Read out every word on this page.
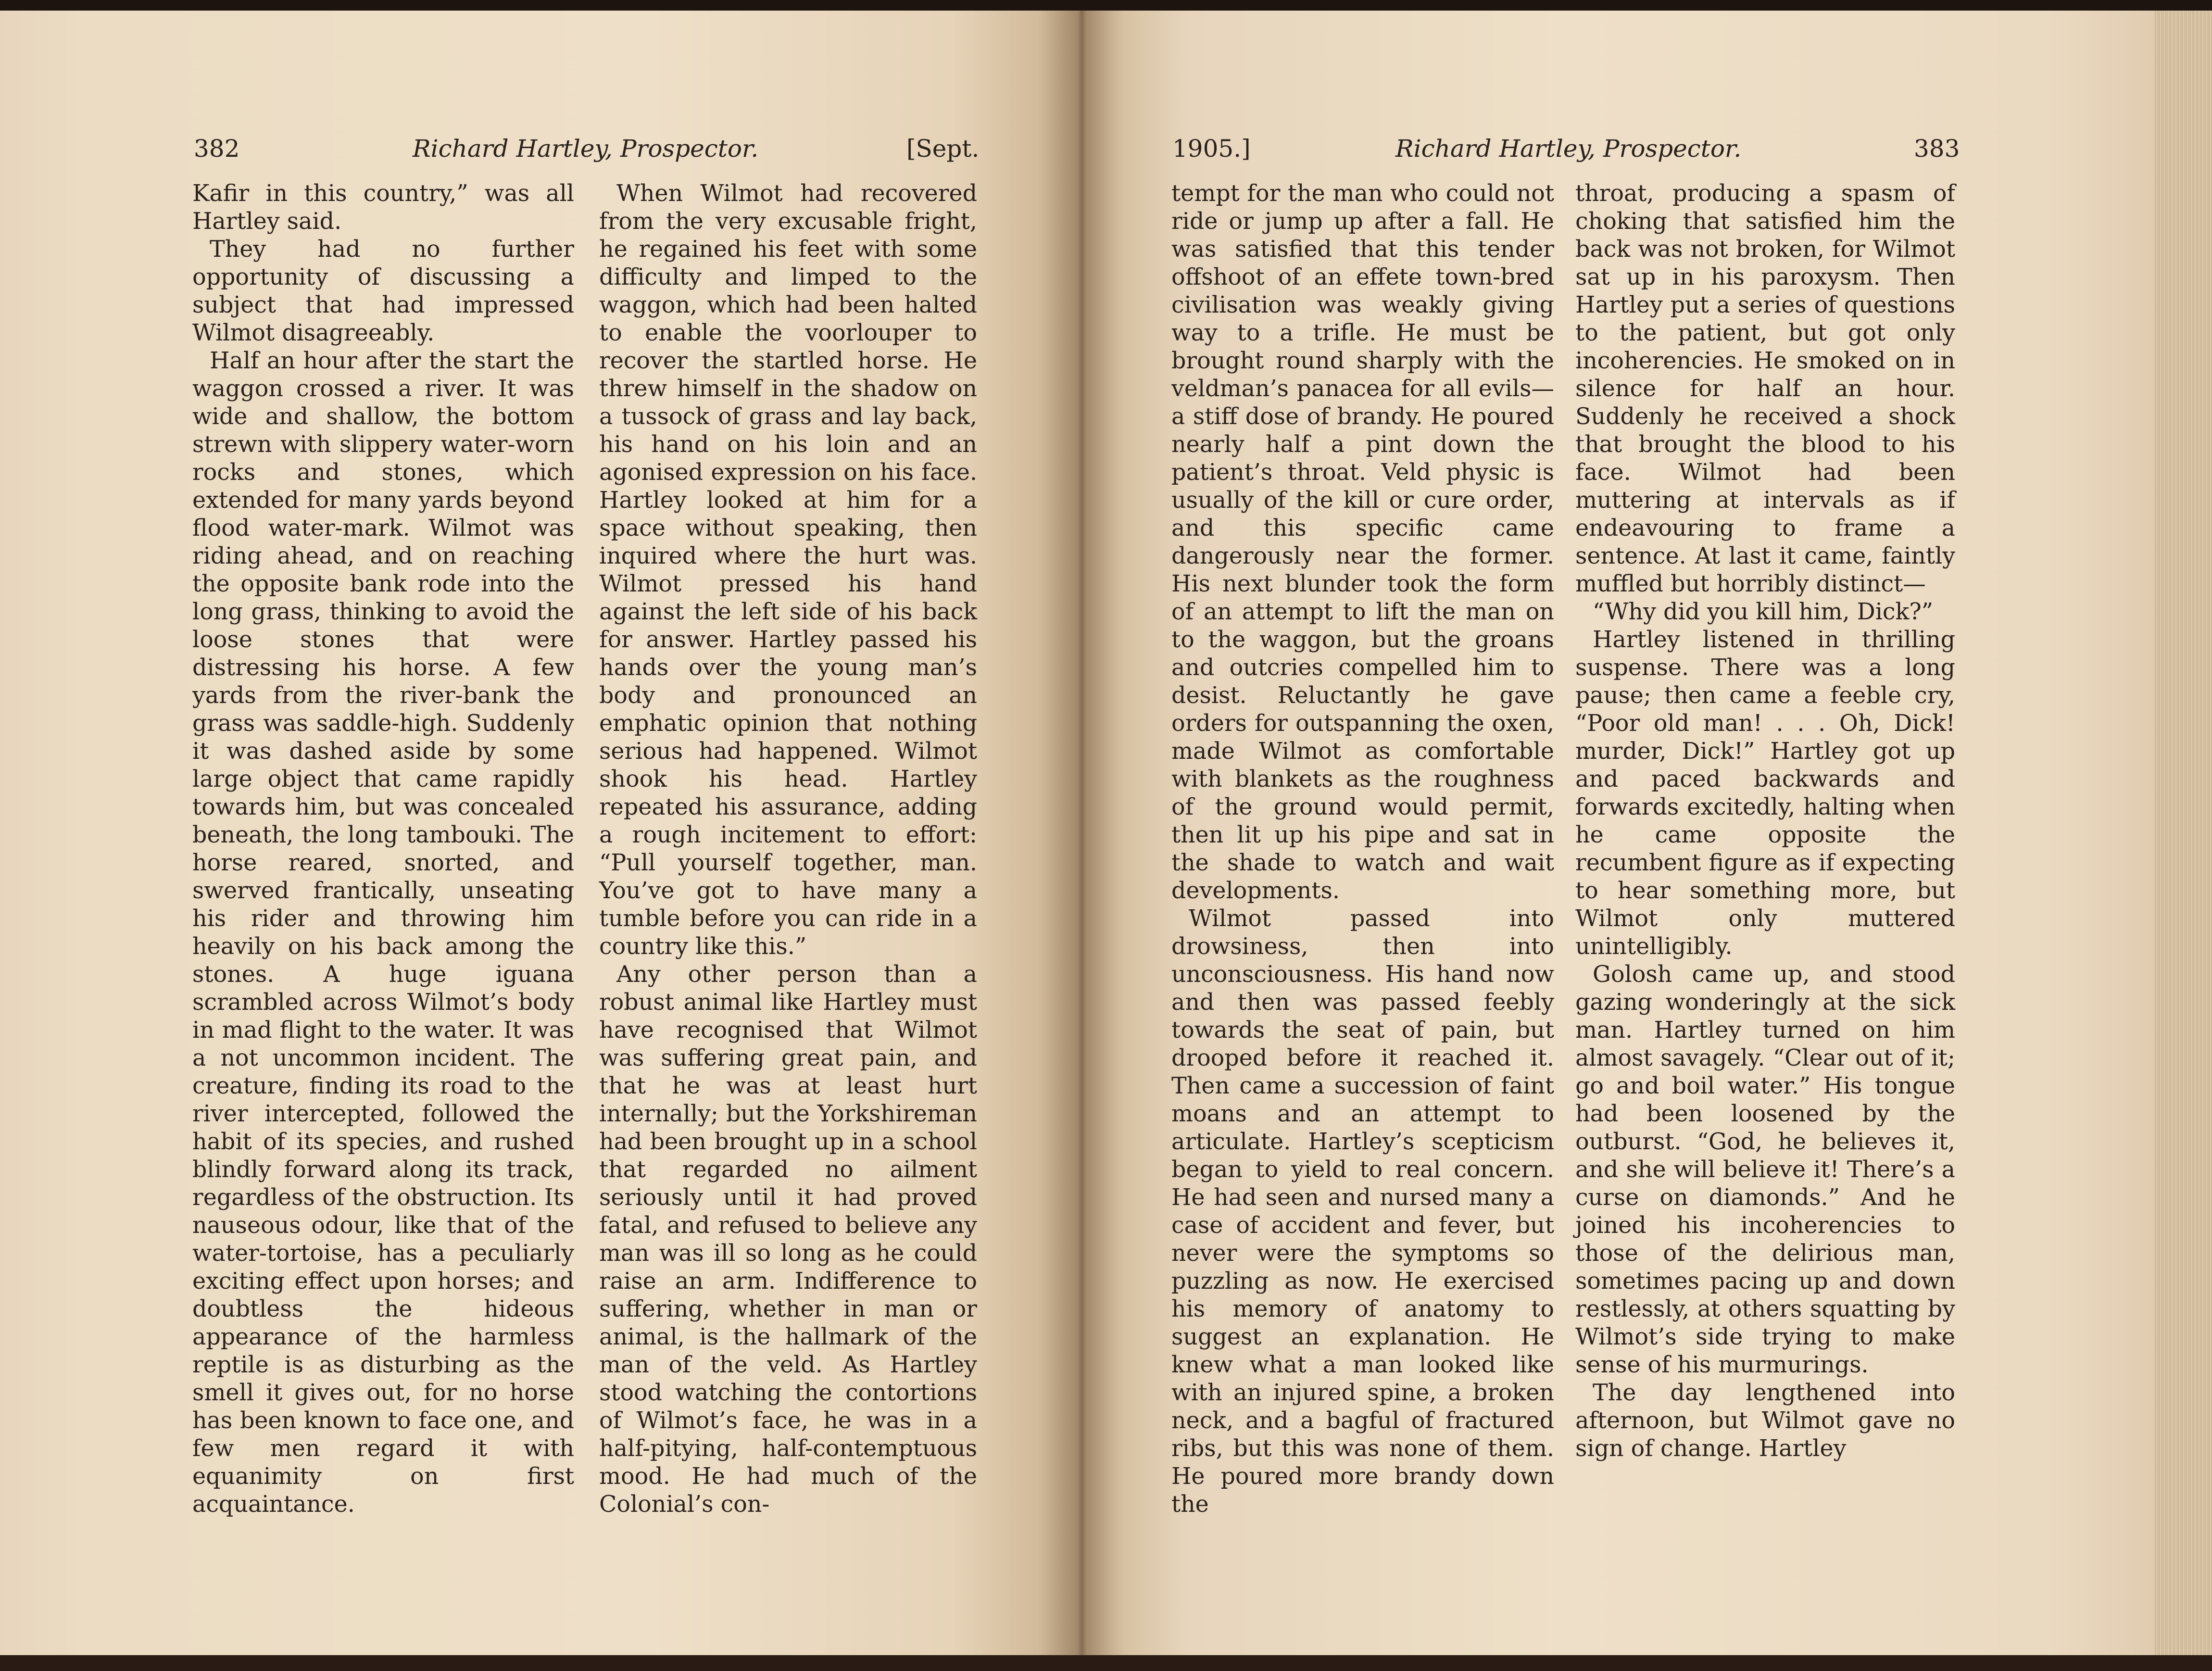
382	Richard Hartley, Prospector.	[Sept.

Kafir in this country,” was all Hartley said.

They had no further opportunity of discussing a subject that had impressed Wilmot disagreeably.

Half an hour after the start the waggon crossed a river. It was wide and shallow, the bottom strewn with slippery water-worn rocks and stones, which extended for many yards beyond flood water-mark. Wilmot was riding ahead, and on reaching the opposite bank rode into the long grass, thinking to avoid the loose stones that were distressing his horse. A few yards from the river-bank the grass was saddle-high. Suddenly it was dashed aside by some large object that came rapidly towards him, but was concealed beneath, the long tambouki. The horse reared, snorted, and swerved frantically, unseating his rider and throwing him heavily on his back among the stones. A huge iguana scrambled across Wilmot’s body in mad flight to the water. It was a not uncommon incident. The creature, finding its road to the river intercepted, followed the habit of its species, and rushed blindly forward along its track, regardless of the obstruction. Its nauseous odour, like that of the water-tortoise, has a peculiarly exciting effect upon horses; and doubtless the hideous appearance of the harmless reptile is as disturbing as the smell it gives out, for no horse has been known to face one, and few men regard it with equanimity on first acquaintance.

When Wilmot had recovered from the very excusable fright, he regained his feet with some difficulty and limped to the waggon, which had been halted to enable the voorlouper to recover the startled horse. He threw himself in the shadow on a tussock of grass and lay back, his hand on his loin and an agonised expression on his face. Hartley looked at him for a space without speaking, then inquired where the hurt was. Wilmot pressed his hand against the left side of his back for answer. Hartley passed his hands over the young man’s body and pronounced an emphatic opinion that nothing serious had happened. Wilmot shook his head. Hartley repeated his assurance, adding a rough incitement to effort: “Pull yourself together, man. You’ve got to have many a tumble before you can ride in a country like this.”

Any other person than a robust animal like Hartley must have recognised that Wilmot was suffering great pain, and that he was at least hurt internally; but the Yorkshireman had been brought up in a school that regarded no ailment seriously until it had proved fatal, and refused to believe any man was ill so long as he could raise an arm. Indifference to suffering, whether in man or animal, is the hallmark of the man of the veld. As Hartley stood watching the contortions of Wilmot’s face, he was in a half-pitying, half-contemptuous mood. He had much of the Colonial’s con-

1905.]	Richard Hartley, Prospector.	383

tempt for the man who could not ride or jump up after a fall. He was satisfied that this tender offshoot of an effete town-bred civilisation was weakly giving way to a trifle. He must be brought round sharply with the veldman’s panacea for all evils—a stiff dose of brandy. He poured nearly half a pint down the patient’s throat. Veld physic is usually of the kill or cure order, and this specific came dangerously near the former. His next blunder took the form of an attempt to lift the man on to the waggon, but the groans and outcries compelled him to desist. Reluctantly he gave orders for outspanning the oxen, made Wilmot as comfortable with blankets as the roughness of the ground would permit, then lit up his pipe and sat in the shade to watch and wait developments.

Wilmot passed into drowsiness, then into unconsciousness. His hand now and then was passed feebly towards the seat of pain, but drooped before it reached it. Then came a succession of faint moans and an attempt to articulate. Hartley’s scepticism began to yield to real concern. He had seen and nursed many a case of accident and fever, but never were the symptoms so puzzling as now. He exercised his memory of anatomy to suggest an explanation. He knew what a man looked like with an injured spine, a broken neck, and a bagful of fractured ribs, but this was none of them. He poured more brandy down the

throat, producing a spasm of choking that satisfied him the back was not broken, for Wilmot sat up in his paroxysm. Then Hartley put a series of questions to the patient, but got only incoherencies. He smoked on in silence for half an hour. Suddenly he received a shock that brought the blood to his face. Wilmot had been muttering at intervals as if endeavouring to frame a sentence. At last it came, faintly muffled but horribly distinct—

“Why did you kill him, Dick?”

Hartley listened in thrilling suspense. There was a long pause; then came a feeble cry, “Poor old man! . . . Oh, Dick! murder, Dick!” Hartley got up and paced backwards and forwards excitedly, halting when he came opposite the recumbent figure as if expecting to hear something more, but Wilmot only muttered unintelligibly.

Golosh came up, and stood gazing wonderingly at the sick man. Hartley turned on him almost savagely. “Clear out of it; go and boil water.” His tongue had been loosened by the outburst. “God, he believes it, and she will believe it! There’s a curse on diamonds.” And he joined his incoherencies to those of the delirious man, sometimes pacing up and down restlessly, at others squatting by Wilmot’s side trying to make sense of his murmurings.

The day lengthened into afternoon, but Wilmot gave no sign of change. Hartley
